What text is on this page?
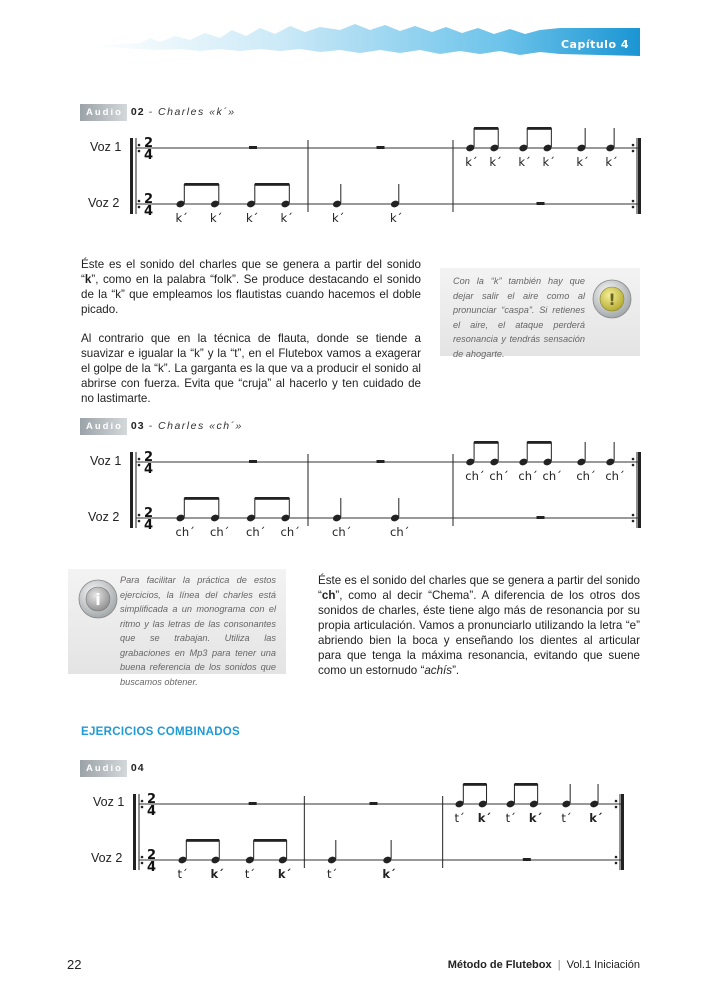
Capítulo 4
Audio 02 - Charles «k´»
Voz 1
Voz 2
2
4
2
4
k´ k´ k´ k´ k´ k´
k´ k´ k´ k´	k´	k´

Éste es el sonido del charles que se genera a partir del sonido “k”, como en la palabra “folk”. Se produce destacando el sonido de la “k” que empleamos los flautistas cuando hacemos el doble picado.

Al contrario que en la técnica de flauta, donde se tiende a suavizar e igualar la “k” y la “t”, en el Flutebox vamos a exagerar el golpe de la “k”. La garganta es la que va a producir el sonido al abrirse con fuerza. Evita que “cruja” al hacerlo y ten cuidado de no lastimarte.

Con la “k” también hay que dejar salir el aire como al pronunciar “caspa”. Si retienes el aire, el ataque perderá resonancia y tendrás sensación de ahogarte.
!
Audio 03 - Charles «ch´»
Voz 1
Voz 2
2
4
2
4
ch´ ch´ ch´ ch´ ch´ ch´
ch´ ch´ ch´ ch´	ch´	ch´
i
Para facilitar la práctica de estos ejercicios, la línea del charles está simplificada a un monograma con el ritmo y las letras de las consonantes que se trabajan. Utiliza las grabaciones en Mp3 para tener una buena referencia de los sonidos que buscamos obtener.
Éste es el sonido del charles que se genera a partir del sonido “ch”, como al decir “Chema”. A diferencia de los otros dos sonidos de charles, éste tiene algo más de resonancia por su propia articulación. Vamos a pronunciarlo utilizando la letra “e” abriendo bien la boca y enseñando los dientes al articular para que tenga la máxima resonancia, evitando que suene como un estornudo “achís”.
EJERCICIOS COMBINADOS
Audio 04
Voz 1
Voz 2
2
4
2
4
t´ k´ t´ k´ t´ k´
t´ k´ t´ k´	t´	k´
22	Método de Flutebox | Vol.1 Iniciación
